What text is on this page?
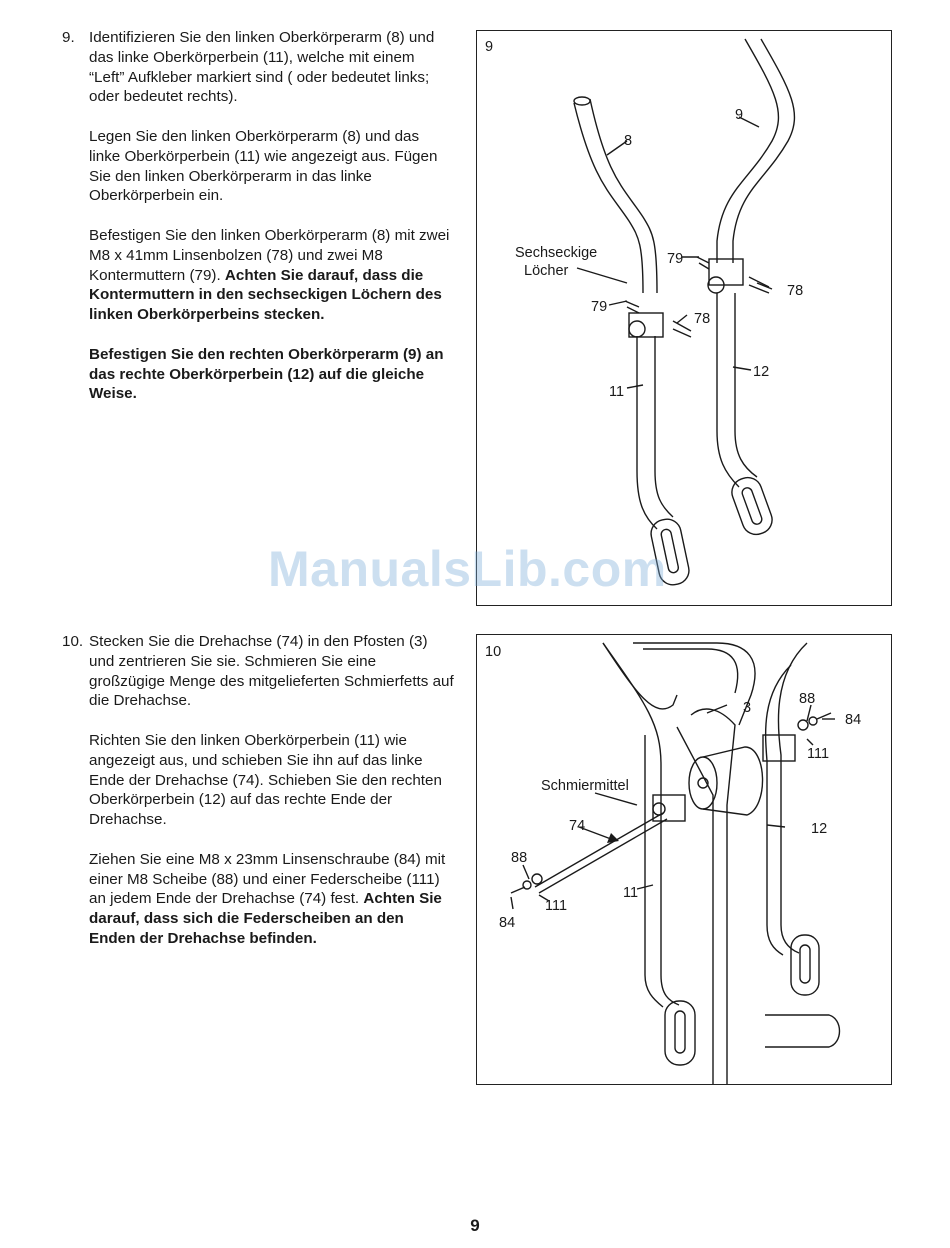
9. Identifizieren Sie den linken Oberkörperarm (8) und das linke Oberkörperbein (11), welche mit einem “Left” Aufkleber markiert sind ( oder bedeutet links; oder bedeutet rechts).

Legen Sie den linken Oberkörperarm (8) und das linke Oberkörperbein (11) wie angezeigt aus. Fügen Sie den linken Oberkörperarm in das linke Oberkörperbein ein.

Befestigen Sie den linken Oberkörperarm (8) mit zwei M8 x 41mm Linsenbolzen (78) und zwei M8 Kontermuttern (79). Achten Sie darauf, dass die Kontermuttern in den sechseckigen Löchern des linken Oberkörperbeins stecken.

Befestigen Sie den rechten Oberkörperarm (9) an das rechte Oberkörperbein (12) auf die gleiche Weise.

10. Stecken Sie die Drehachse (74) in den Pfosten (3) und zentrieren Sie sie. Schmieren Sie eine großzügige Menge des mitgelieferten Schmierfetts auf die Drehachse.

Richten Sie den linken Oberkörperbein (11) wie angezeigt aus, und schieben Sie ihn auf das linke Ende der Drehachse (74). Schieben Sie den rechten Oberkörperbein (12) auf das rechte Ende der Drehachse.

Ziehen Sie eine M8 x 23mm Linsenschraube (84) mit einer M8 Scheibe (88) und einer Federscheibe (111) an jedem Ende der Drehachse (74) fest. Achten Sie darauf, dass sich die Federscheiben an den Enden der Drehachse befinden.

9
8
9
Sechseckige
Löcher
79
79
78
78
11
12
10
3
88
84
111
Schmiermittel
74
88
111
84
11
12
ManualsLib.com
9
